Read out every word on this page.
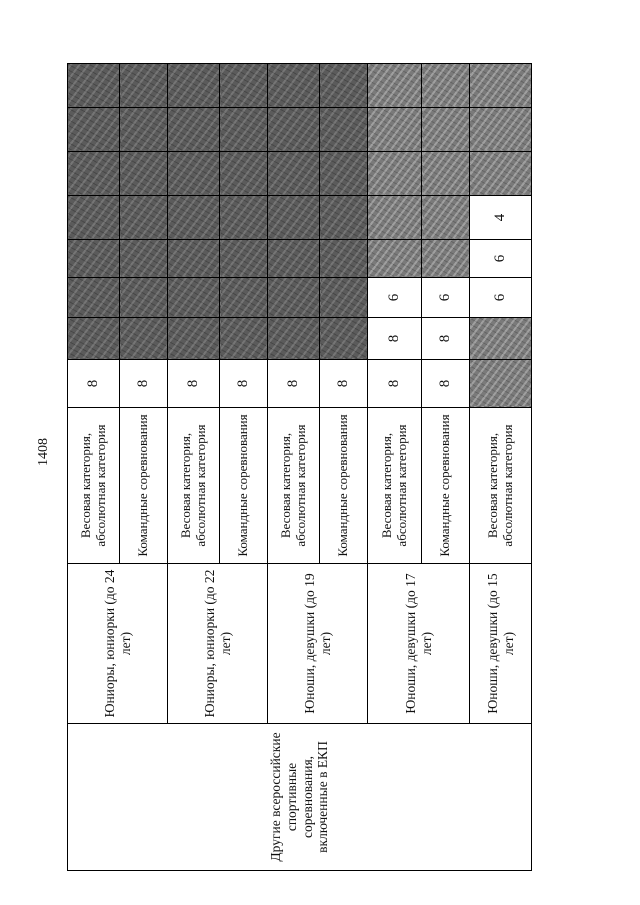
1408
Другие всероссийские спортивные соревнования, включенные в ЕКП	Юниоры, юниорки (до 24 лет)	Весовая категория, абсолютная категория	8							
		Командные соревнования	8							
	Юниоры, юниорки (до 22 лет)	Весовая категория, абсолютная категория	8							
		Командные соревнования	8							
	Юноши, девушки (до 19 лет)	Весовая категория, абсолютная категория	8							
		Командные соревнования	8							
	Юноши, девушки (до 17 лет)	Весовая категория, абсолютная категория	8	8	6					
		Командные соревнования	8	8	6					
	Юноши, девушки (до 15 лет)	Весовая категория, абсолютная категория			6	6	4			
